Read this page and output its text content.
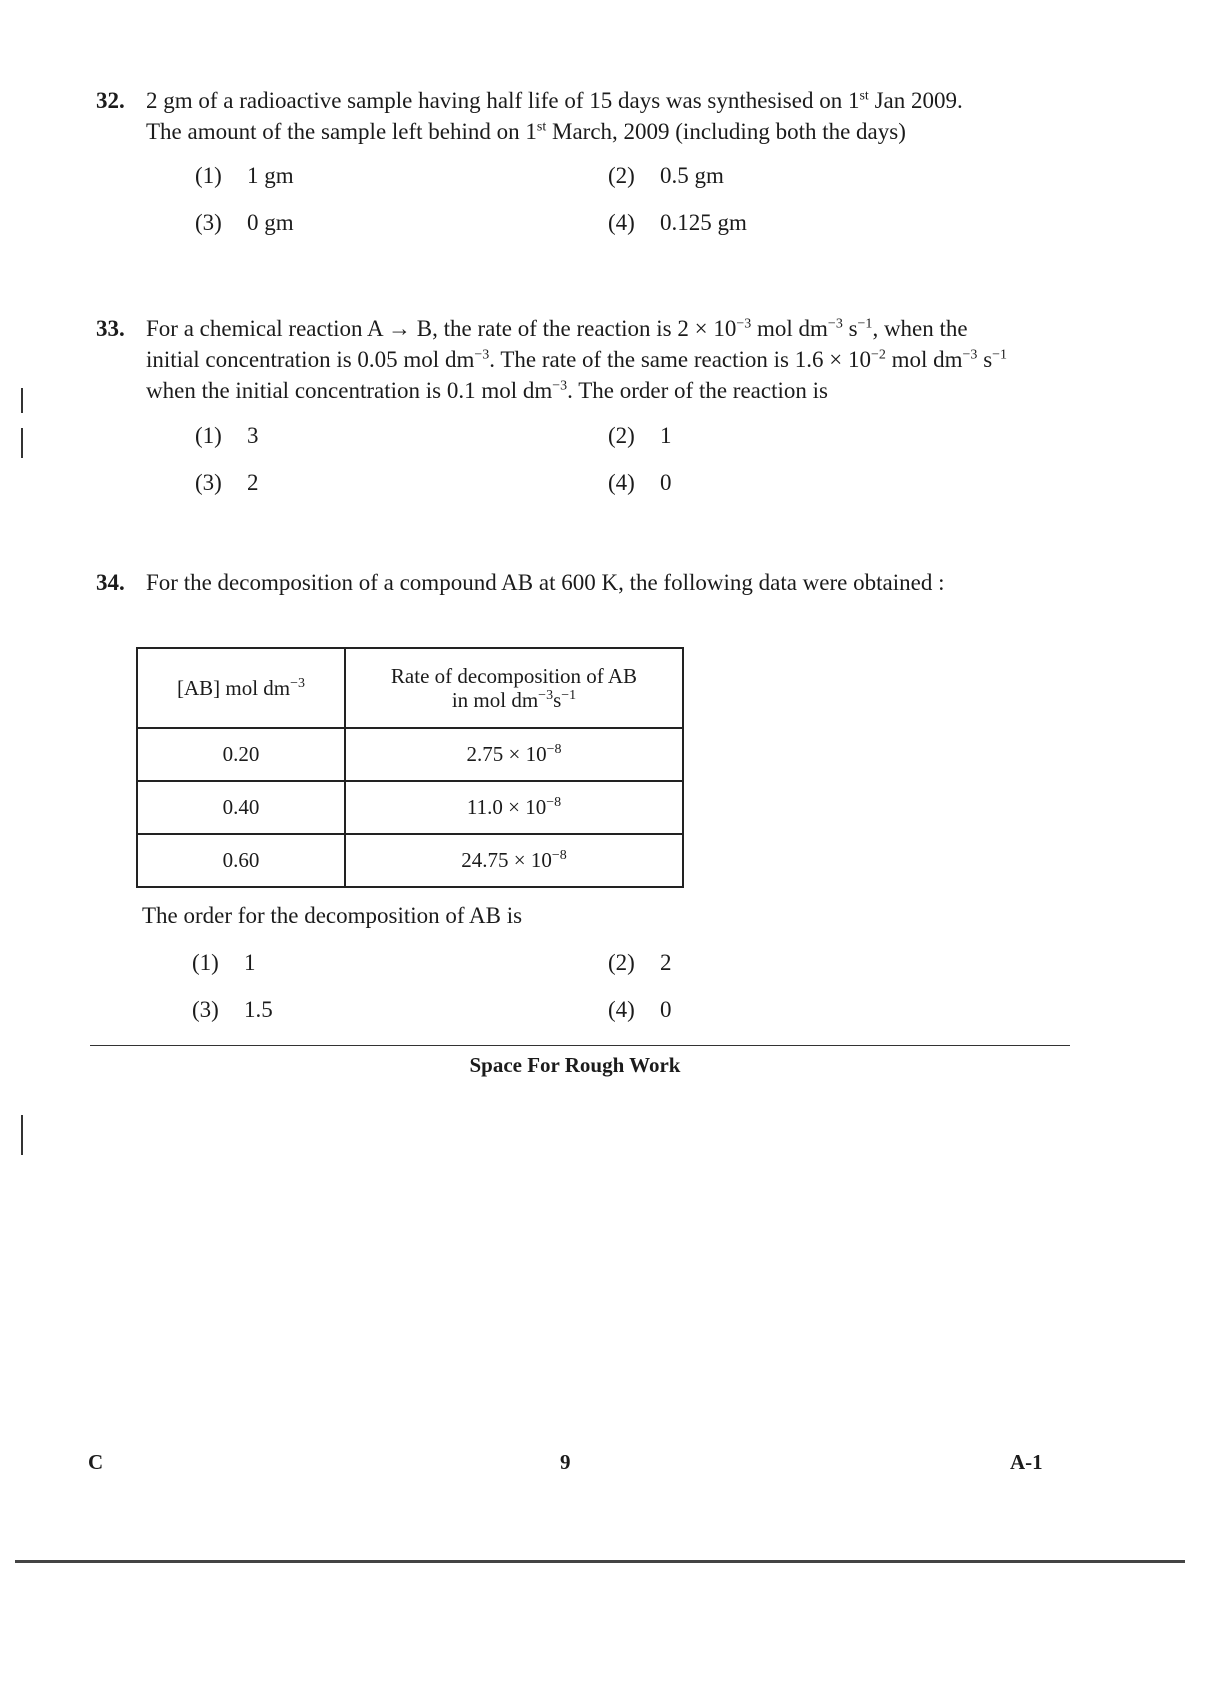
32. 2 gm of a radioactive sample having half life of 15 days was synthesised on 1st Jan 2009.
The amount of the sample left behind on 1st March, 2009 (including both the days)
(1) 1 gm	(2) 0.5 gm
(3) 0 gm	(4) 0.125 gm
33. For a chemical reaction A → B, the rate of the reaction is $2 \times 10^{-3}$ mol $dm^{-3}$ $s^{-1}$, when the
initial concentration is 0.05 mol $dm^{-3}$. The rate of the same reaction is $1.6 \times 10^{-2}$ mol $dm^{-3}$ $s^{-1}$
when the initial concentration is 0.1 mol $dm^{-3}$. The order of the reaction is
(1) 3	(2) 1
(3) 2	(4) 0
34. For the decomposition of a compound AB at 600 K, the following data were obtained :
[AB] mol $dm^{-3}$	Rate of decomposition of AB
in mol $dm^{-3}s^{-1}$
0.20	$2.75 \times 10^{-8}$
0.40	$11.0 \times 10^{-8}$
0.60	$24.75 \times 10^{-8}$
The order for the decomposition of AB is
(1) 1	(2) 2
(3) 1.5	(4) 0
Space For Rough Work
C	9	A-1
